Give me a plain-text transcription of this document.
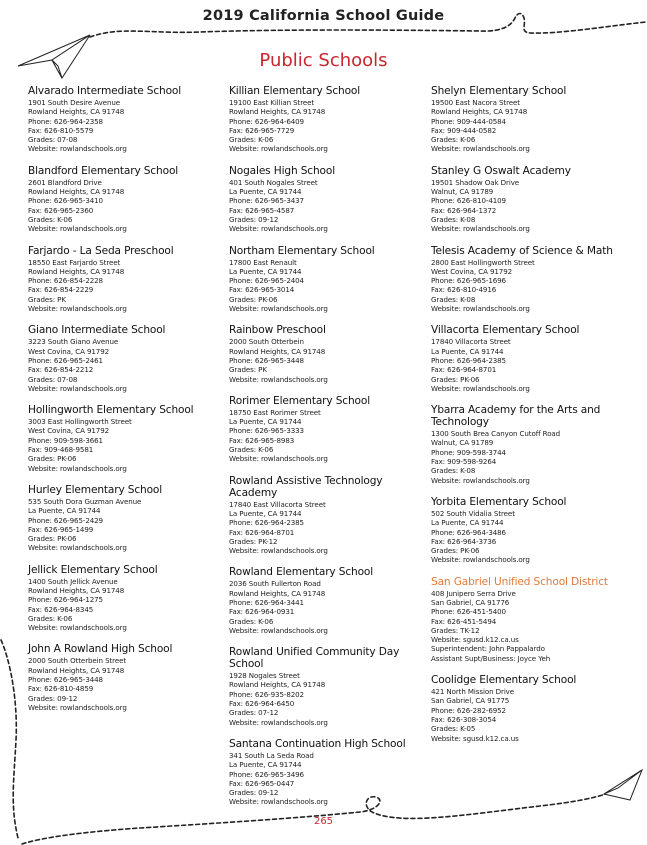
2019 California School Guide
Public Schools
Alvarado Intermediate School
1901 South Desire Avenue
Rowland Heights, CA 91748
Phone: 626-964-2358
Fax: 626-810-5579
Grades: 07-08
Website: rowlandschools.org
Blandford Elementary School
2601 Blandford Drive
Rowland Heights, CA 91748
Phone: 626-965-3410
Fax: 626-965-2360
Grades: K-06
Website: rowlandschools.org
Farjardo - La Seda Preschool
18550 East Farjardo Street
Rowland Heights, CA 91748
Phone: 626-854-2228
Fax: 626-854-2229
Grades: PK
Website: rowlandschools.org
Giano Intermediate School
3223 South Giano Avenue
West Covina, CA 91792
Phone: 626-965-2461
Fax: 626-854-2212
Grades: 07-08
Website: rowlandschools.org
Hollingworth Elementary School
3003 East Hollingworth Street
West Covina, CA 91792
Phone: 909-598-3661
Fax: 909-468-9581
Grades: PK-06
Website: rowlandschools.org
Hurley Elementary School
535 South Dora Guzman Avenue
La Puente, CA 91744
Phone: 626-965-2429
Fax: 626-965-1499
Grades: PK-06
Website: rowlandschools.org
Jellick Elementary School
1400 South Jellick Avenue
Rowland Heights, CA 91748
Phone: 626-964-1275
Fax: 626-964-8345
Grades: K-06
Website: rowlandschools.org
John A Rowland High School
2000 South Otterbein Street
Rowland Heights, CA 91748
Phone: 626-965-3448
Fax: 626-810-4859
Grades: 09-12
Website: rowlandschools.org
Killian Elementary School
19100 East Killian Street
Rowland Heights, CA 91748
Phone: 626-964-6409
Fax: 626-965-7729
Grades: K-06
Website: rowlandschools.org
Nogales High School
401 South Nogales Street
La Puente, CA 91744
Phone: 626-965-3437
Fax: 626-965-4587
Grades: 09-12
Website: rowlandschools.org
Northam Elementary School
17800 East Renault
La Puente, CA 91744
Phone: 626-965-2404
Fax: 626-965-3014
Grades: PK-06
Website: rowlandschools.org
Rainbow Preschool
2000 South Otterbein
Rowland Heights, CA 91748
Phone: 626-965-3448
Grades: PK
Website: rowlandschools.org
Rorimer Elementary School
18750 East Rorimer Street
La Puente, CA 91744
Phone: 626-965-3333
Fax: 626-965-8983
Grades: K-06
Website: rowlandschools.org
Rowland Assistive Technology Academy
17840 East Villacorta Street
La Puente, CA 91744
Phone: 626-964-2385
Fax: 626-964-8701
Grades: PK-12
Website: rowlandschools.org
Rowland Elementary School
2036 South Fullerton Road
Rowland Heights, CA 91748
Phone: 626-964-3441
Fax: 626-964-0931
Grades: K-06
Website: rowlandschools.org
Rowland Unified Community Day School
1928 Nogales Street
Rowland Heights, CA 91748
Phone: 626-935-8202
Fax: 626-964-6450
Grades: 07-12
Website: rowlandschools.org
Santana Continuation High School
341 South La Seda Road
La Puente, CA 91744
Phone: 626-965-3496
Fax: 626-965-0447
Grades: 09-12
Website: rowlandschools.org
Shelyn Elementary School
19500 East Nacora Street
Rowland Heights, CA 91748
Phone: 909-444-0584
Fax: 909-444-0582
Grades: K-06
Website: rowlandschools.org
Stanley G Oswalt Academy
19501 Shadow Oak Drive
Walnut, CA 91789
Phone: 626-810-4109
Fax: 626-964-1372
Grades: K-08
Website: rowlandschools.org
Telesis Academy of Science & Math
2800 East Hollingworth Street
West Covina, CA 91792
Phone: 626-965-1696
Fax: 626-810-4916
Grades: K-08
Website: rowlandschools.org
Villacorta Elementary School
17840 Villacorta Street
La Puente, CA 91744
Phone: 626-964-2385
Fax: 626-964-8701
Grades: PK-06
Website: rowlandschools.org
Ybarra Academy for the Arts and Technology
1300 South Brea Canyon Cutoff Road
Walnut, CA 91789
Phone: 909-598-3744
Fax: 909-598-9264
Grades: K-08
Website: rowlandschools.org
Yorbita Elementary School
502 South Vidalia Street
La Puente, CA 91744
Phone: 626-964-3486
Fax: 626-964-3736
Grades: PK-06
Website: rowlandschools.org
San Gabriel Unified School District
408 Junipero Serra Drive
San Gabriel, CA 91776
Phone: 626-451-5400
Fax: 626-451-5494
Grades: TK-12
Website: sgusd.k12.ca.us
Superintendent: John Pappalardo
Assistant Supt/Business: Joyce Yeh
Coolidge Elementary School
421 North Mission Drive
San Gabriel, CA 91775
Phone: 626-282-6952
Fax: 626-308-3054
Grades: K-05
Website: sgusd.k12.ca.us
265
